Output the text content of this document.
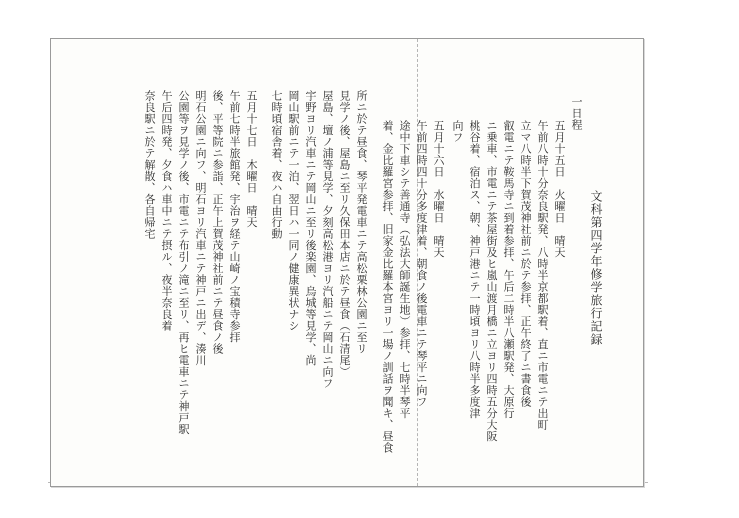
文科第四学年修学旅行記録
一日程
五月十五日　火曜日　晴天
午前八時十分奈良駅発、八時半京都駅着、直ニ市電ニテ出町
立マ八時半下賀茂神社前ニ於テ参拝、正午終了ニ書食後
叡電ニテ鞍馬寺ニ到着参拝、午后二時半八瀬駅発、大原行
ニ乗車、市電ニテ茶屋街及ヒ嵐山渡月橋ニ立ヨリ四時五分大阪
桃谷着、宿泊ス、朝、神戸港ニテ一時頃ヨリ八時半多度津
向フ
五月十六日　水曜日　晴天
午前四時四十分多度津着、朝食ノ後電車ニテ琴平ニ向フ
途中下車シテ善通寺（弘法大師誕生地）参拝、七時半琴平
着、金比羅宮参拝、旧家金比羅本宮ヨリ一場ノ訓話ヲ聞キ、昼食
所ニ於テ昼食、琴平発電車ニテ高松栗林公園ニ至リ
見学ノ後、屋島ニ至リ久保田本店ニ於テ昼食（石清尾）
屋島、壇ノ浦等見学、夕刻高松港ヨリ汽船ニテ岡山ニ向フ
宇野ヨリ汽車ニテ岡山ニ至リ後楽園、烏城等見学、尚
岡山駅前ニテ一泊、翌日ハ一同ノ健康異状ナシ
七時頃宿舎着、夜ハ自由行動
五月十七日　木曜日　晴天
午前七時半旅館発、宇治ヲ経テ山崎ノ宝積寺参拝
後、平等院ニ参詣、正午上賀茂神社前ニテ昼食ノ後
明石公園ニ向フ、明石ヨリ汽車ニテ神戸ニ出デ、湊川
公園等ヲ見学ノ後、市電ニテ布引ノ滝ニ至リ、再ヒ電車ニテ神戸駅
午后四時発、夕食ハ車中ニテ摂ル、夜半奈良着
奈良駅ニ於テ解散、各自帰宅
